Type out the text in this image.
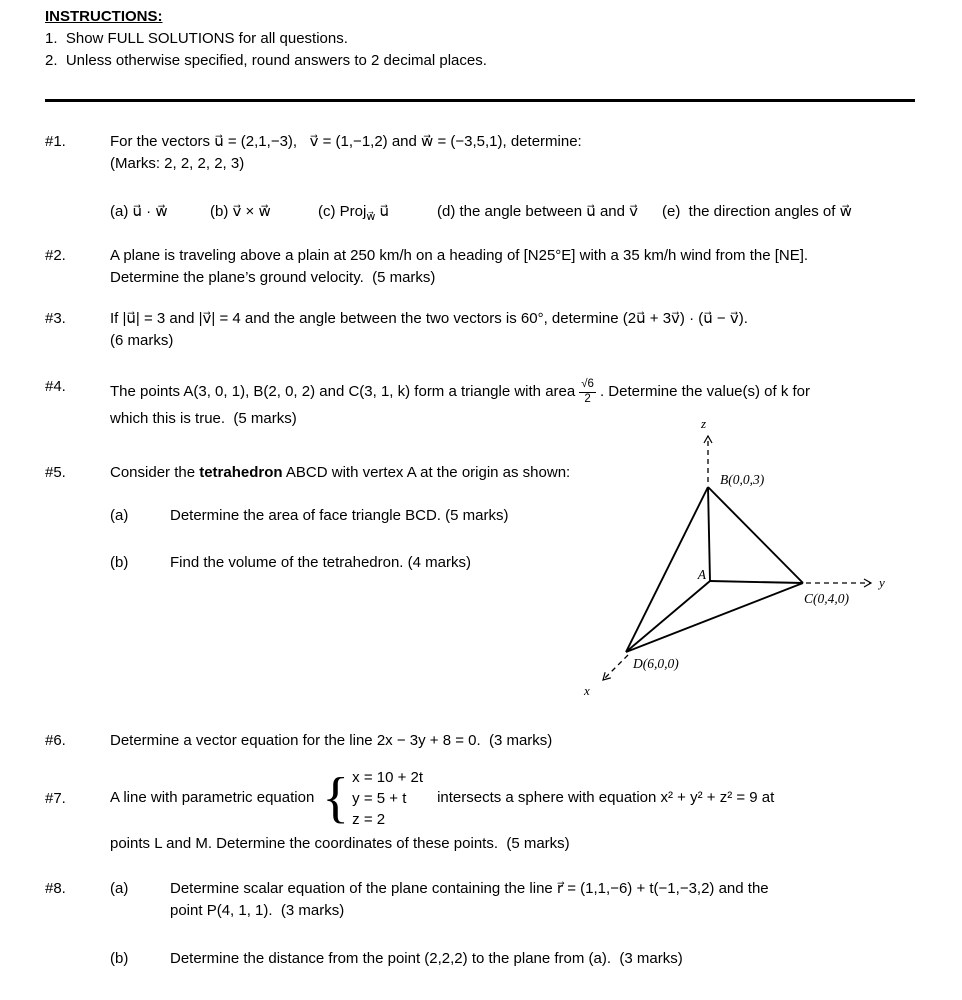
INSTRUCTIONS:
1.  Show FULL SOLUTIONS for all questions.
2.  Unless otherwise specified, round answers to 2 decimal places.
#1.	For the vectors u⃗ = (2,1,−3),   v⃗ = (1,−1,2) and w⃗ = (−3,5,1), determine:
(Marks: 2, 2, 2, 2, 3)
(a) u⃗ · w⃗	(b) v⃗ × w⃗	(c) Proj$_{w⃗}$ u⃗	(d) the angle between u⃗ and v⃗ (e)  the direction angles of w⃗
#2.	A plane is traveling above a plain at 250 km/h on a heading of [N25°E] with a 35 km/h wind from the [NE].
Determine the plane’s ground velocity.  (5 marks)
#3.	If |u⃗| = 3 and |v⃗| = 4 and the angle between the two vectors is 60°, determine (2u⃗ + 3v⃗) · (u⃗ − v⃗).
(6 marks)
#4.	The points A(3, 0, 1), B(2, 0, 2) and C(3, 1, k) form a triangle with area $\frac{√6}{2}$ . Determine the value(s) of k for
which this is true.  (5 marks)
#5.	Consider the tetrahedron ABCD with vertex A at the origin as shown:
(a)	Determine the area of face triangle BCD. (5 marks)
(b)	Find the volume of the tetrahedron. (4 marks)
z
B(0,0,3)
A
y
C(0,4,0)
D(6,0,0)
x
#6.	Determine a vector equation for the line 2x − 3y + 8 = 0.  (3 marks)
#7.	A line with parametric equation { x = 10 + 2t
y = 5 + t
z = 2
intersects a sphere with equation x² + y² + z² = 9 at
points L and M. Determine the coordinates of these points.  (5 marks)
#8.	(a)	Determine scalar equation of the plane containing the line r⃗ = (1,1,−6) + t(−1,−3,2) and the
point P(4, 1, 1).  (3 marks)
(b)	Determine the distance from the point (2,2,2) to the plane from (a).  (3 marks)
